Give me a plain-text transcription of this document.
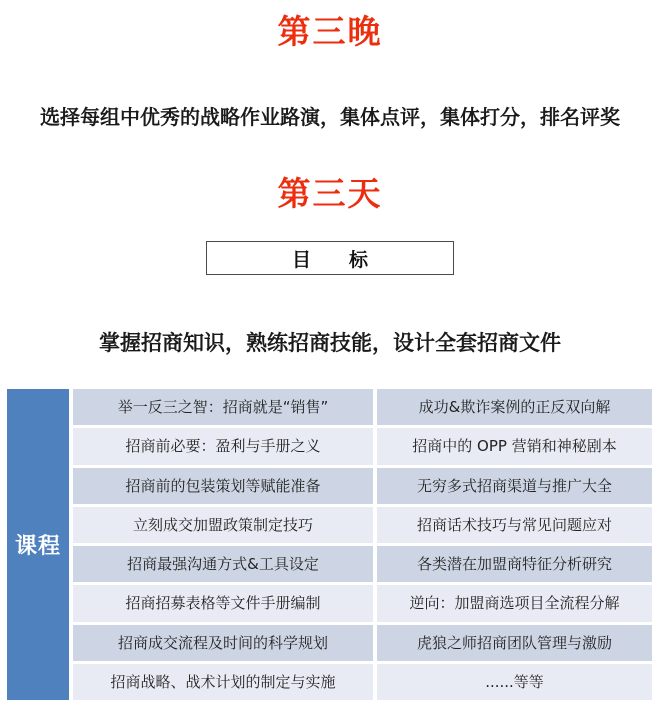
第三晚
选择每组中优秀的战略作业路演，集体点评，集体打分，排名评奖
第三天
目　　标
掌握招商知识，熟练招商技能，设计全套招商文件
课程
举一反三之智：招商就是“销售”	成功&欺诈案例的正反双向解
招商前必要：盈利与手册之义	招商中的 OPP 营销和神秘剧本
招商前的包装策划等赋能准备	无穷多式招商渠道与推广大全
立刻成交加盟政策制定技巧	招商话术技巧与常见问题应对
招商最强沟通方式&工具设定	各类潜在加盟商特征分析研究
招商招募表格等文件手册编制	逆向：加盟商选项目全流程分解
招商成交流程及时间的科学规划	虎狼之师招商团队管理与激励
招商战略、战术计划的制定与实施	......等等
